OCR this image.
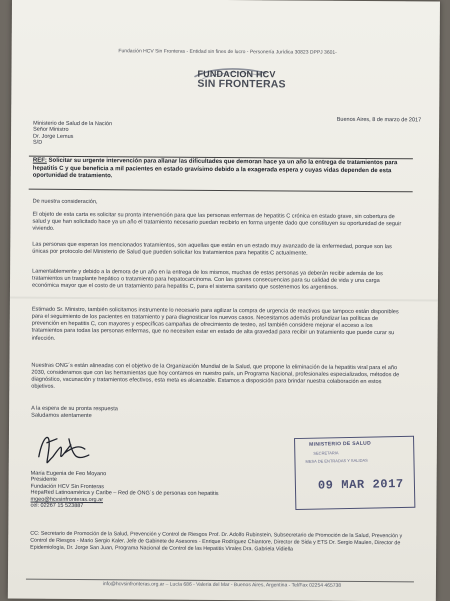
Fundación HCV Sin Fronteras - Entidad sin fines de lucro - Personería Jurídica 30823 DPPJ 3601-
FUNDACION HCV
SIN FRONTERAS
Buenos Aires, 8 de marzo de 2017
Ministerio de Salud de la Nación
Señor Ministro
Dr. Jorge Lemus
S/D
REF: Solicitar su urgente intervención para allanar las dificultades que demoran hace ya un año la entrega de tratamientos para hepatitis C y que beneficia a mil pacientes en estado gravísimo debido a la exagerada espera y cuyas vidas dependen de esta oportunidad de tratamiento.
De nuestra consideración,
El objeto de esta carta es solicitar su pronta intervención para que las personas enfermas de hepatitis C crónica en estado grave, sin cobertura de salud y que han solicitado hace ya un año el tratamiento necesario puedan recibirlo en forma urgente dado que constituyen su oportunidad de seguir viviendo.
Las personas que esperan los mencionados tratamientos, son aquellas que están en un estado muy avanzado de la enfermedad, porque son las únicas por protocolo del Ministerio de Salud que pueden solicitar los tratamientos para hepatitis C actualmente.
Lamentablemente y debido a la demora de un año en la entrega de los mismos, muchas de estas personas ya deberán recibir además de los tratamientos un trasplante hepático o tratamiento para hepatocarcinoma. Con las graves consecuencias para su calidad de vida y una carga económica mayor que el costo de un tratamiento para hepatitis C, para el sistema sanitario que sostenemos los argentinos.
Estimado Sr. Ministro, también solicitamos instrumente lo necesario para agilizar la compra de urgencia de reactivos que tampoco están disponibles para el seguimiento de los pacientes en tratamiento y para diagnosticar los nuevos casos. Necesitamos además profundizar las políticas de prevención en hepatitis C, con mayores y específicas campañas de ofrecimiento de testeo, así también considere mejorar el acceso a los tratamientos para todas las personas enfermas, que no necesiten estar en estado de alta gravedad para recibir un tratamiento que puede curar su infección.
Nuestras ONG´s están alineadas con el objetivo de la Organización Mundial de la Salud, que propone la eliminación de la hepatitis viral para el año 2030, consideramos que con las herramientas que hoy contamos en nuestro país, un Programa Nacional, profesionales especializados, métodos de diagnóstico, vacunación y tratamientos efectivos, esta meta es alcanzable. Estamos a disposición para brindar nuestra colaboración en estos objetivos.
A la espera de su pronta respuesta
Saludamos atentamente
María Eugenia de Feo Moyano
Presidente
Fundación HCV Sin Fronteras
HepaRed Latinoamérica y Caribe – Red de ONG´s de personas con hepatitis
mgeo@hcvsinfronteras.org.ar
cel: 02267 15 523887
MINISTERIO DE SALUD
SECRETARIA
MESA DE ENTRADAS Y SALIDAS
09 MAR 2017
CC: Secretario de Promoción de la Salud, Prevención y Control de Riesgos Prof. Dr. Adolfo Rubinstein, Subsecretario de Promoción de la Salud, Prevención y Control de Riesgos - Mario Sergio Kaler, Jefe de Gabinete de Asesores - Enrique Rodríguez Chiantore, Director de Sida y ETS Dr. Sergio Maulen, Director de Epidemiología, Dr. Jorge San Juan, Programa Nacional de Control de las Hepatitis Virales Dra. Gabriela Vidiella
info@hcvsinfronteras.org.ar – Lucía 686 - Valeria del Mar - Buenos Aires, Argentina - Tel/Fax 02254 465738
